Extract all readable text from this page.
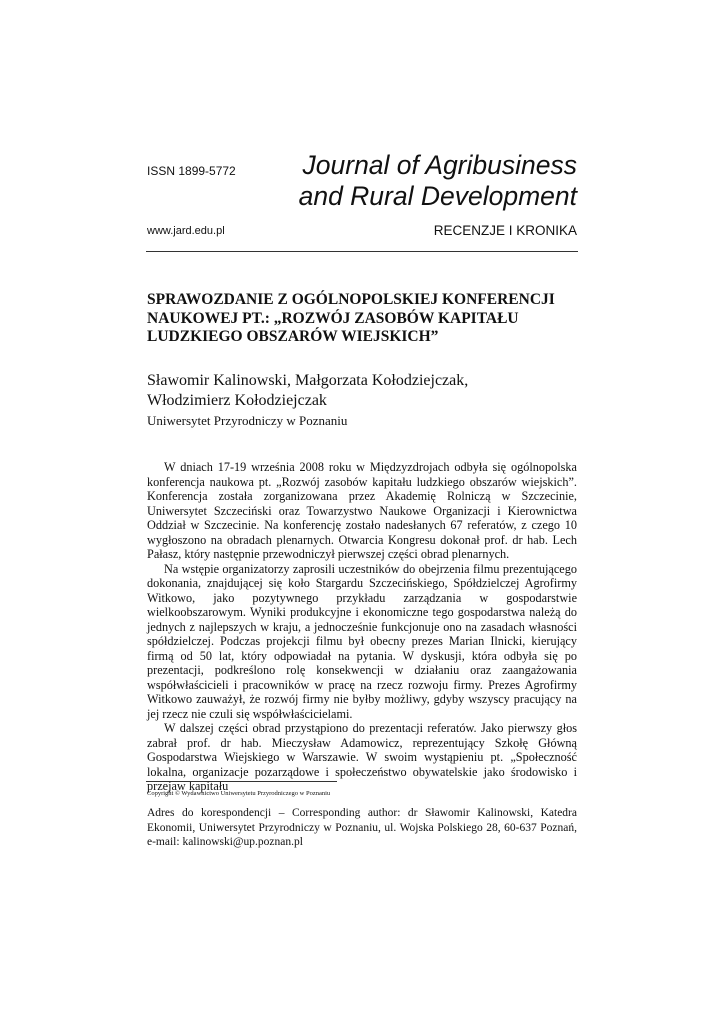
ISSN 1899-5772	Journal of Agribusiness
and Rural Development
www.jard.edu.pl	RECENZJE I KRONIKA
SPRAWOZDANIE Z OGÓLNOPOLSKIEJ KONFERENCJI NAUKOWEJ PT.: „ROZWÓJ ZASOBÓW KAPITAŁU LUDZKIEGO OBSZARÓW WIEJSKICH”
Sławomir Kalinowski, Małgorzata Kołodziejczak,
Włodzimierz Kołodziejczak
Uniwersytet Przyrodniczy w Poznaniu

W dniach 17-19 września 2008 roku w Międzyzdrojach odbyła się ogólnopolska konferencja naukowa pt. „Rozwój zasobów kapitału ludzkiego obszarów wiejskich”. Konferencja została zorganizowana przez Akademię Rolniczą w Szczecinie, Uniwersytet Szczeciński oraz Towarzystwo Naukowe Organizacji i Kierownictwa Oddział w Szczecinie. Na konferencję zostało nadesłanych 67 referatów, z czego 10 wygłoszono na obradach plenarnych. Otwarcia Kongresu dokonał prof. dr hab. Lech Pałasz, który następnie przewodniczył pierwszej części obrad plenarnych.

Na wstępie organizatorzy zaprosili uczestników do obejrzenia filmu prezentującego dokonania, znajdującej się koło Stargardu Szczecińskiego, Spółdzielczej Agrofirmy Witkowo, jako pozytywnego przykładu zarządzania w gospodarstwie wielkoobszarowym. Wyniki produkcyjne i ekonomiczne tego gospodarstwa należą do jednych z najlepszych w kraju, a jednocześnie funkcjonuje ono na zasadach własności spółdzielczej. Podczas projekcji filmu był obecny prezes Marian Ilnicki, kierujący firmą od 50 lat, który odpowiadał na pytania. W dyskusji, która odbyła się po prezentacji, podkreślono rolę konsekwencji w działaniu oraz zaangażowania współwłaścicieli i pracowników w pracę na rzecz rozwoju firmy. Prezes Agrofirmy Witkowo zauważył, że rozwój firmy nie byłby możliwy, gdyby wszyscy pracujący na jej rzecz nie czuli się współwłaścicielami.

W dalszej części obrad przystąpiono do prezentacji referatów. Jako pierwszy głos zabrał prof. dr hab. Mieczysław Adamowicz, reprezentujący Szkołę Główną Gospodarstwa Wiejskiego w Warszawie. W swoim wystąpieniu pt. „Społeczność lokalna, organizacje pozarządowe i społeczeństwo obywatelskie jako środowisko i przejaw kapitału

Copyright © Wydawnictwo Uniwersytetu Przyrodniczego w Poznaniu

Adres do korespondencji – Corresponding author: dr Sławomir Kalinowski, Katedra Ekonomii, Uniwersytet Przyrodniczy w Poznaniu, ul. Wojska Polskiego 28, 60-637 Poznań, e-mail: kalinowski@up.poznan.pl
